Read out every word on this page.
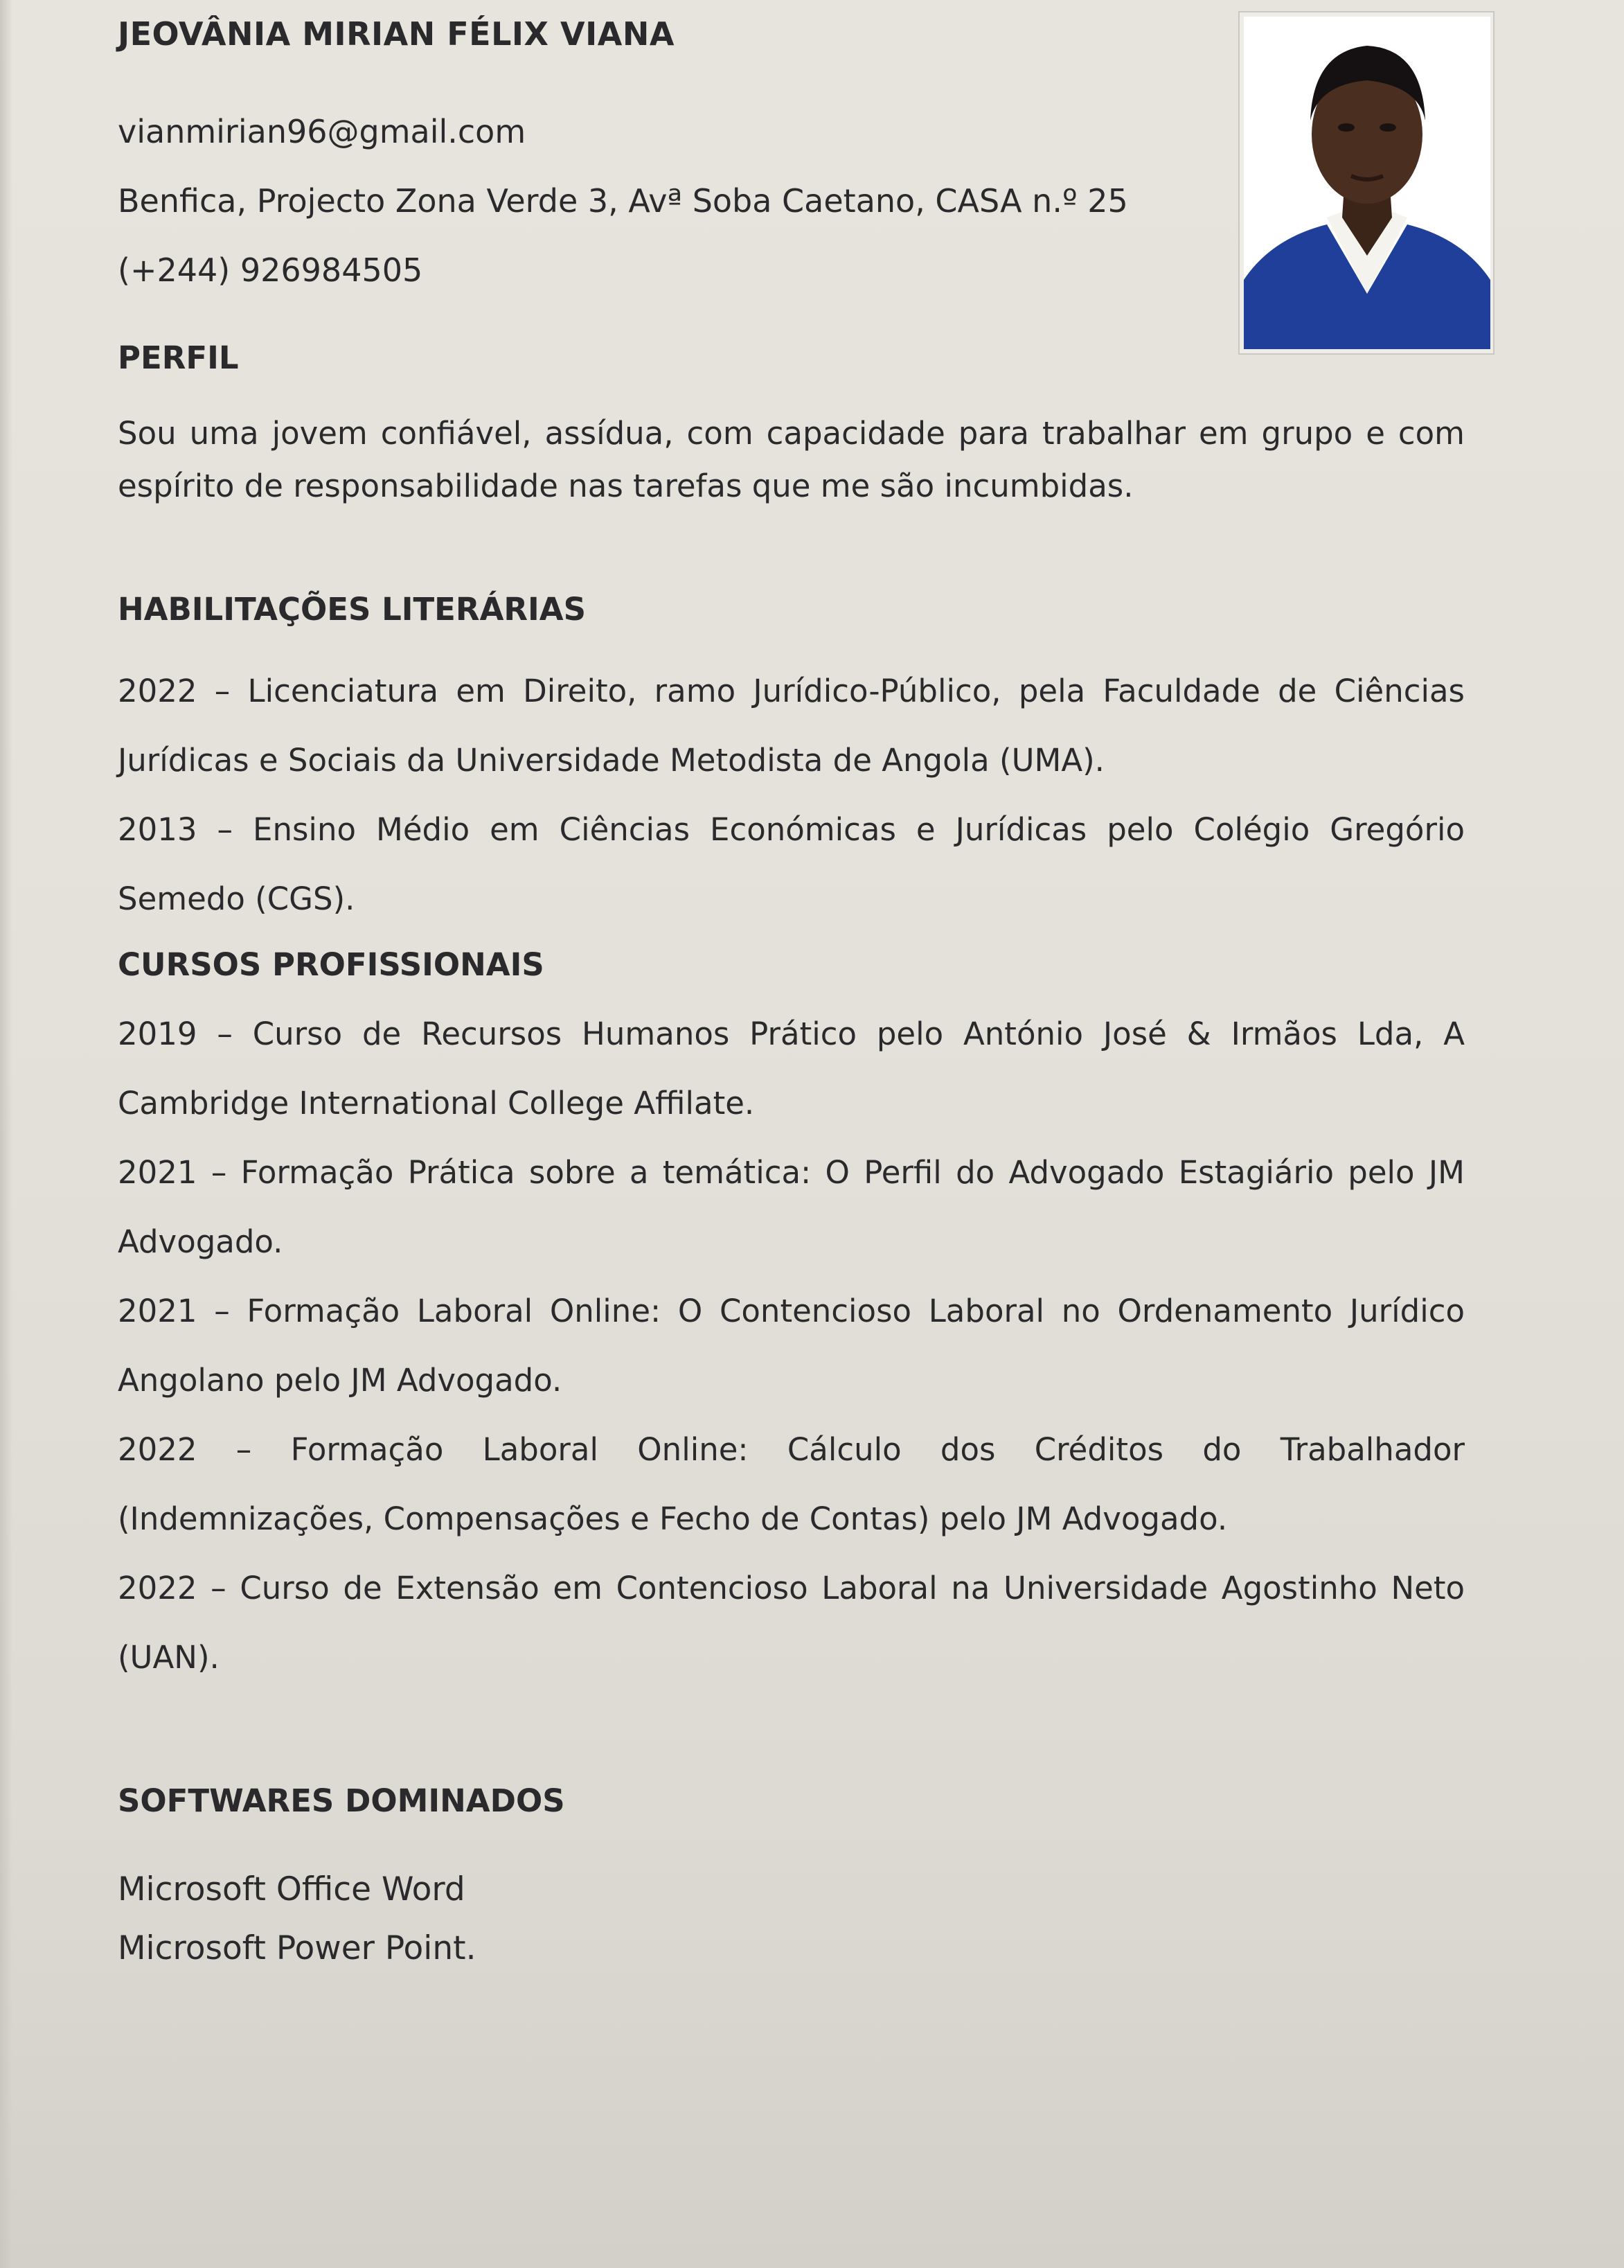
JEOVÂNIA MIRIAN FÉLIX VIANA
vianmirian96@gmail.com
Benfica, Projecto Zona Verde 3, Avª Soba Caetano, CASA n.º 25
(+244) 926984505
PERFIL
Sou uma jovem confiável, assídua, com capacidade para trabalhar em grupo e com espírito de responsabilidade nas tarefas que me são incumbidas.
HABILITAÇÕES LITERÁRIAS
2022 – Licenciatura em Direito, ramo Jurídico-Público, pela Faculdade de Ciências Jurídicas e Sociais da Universidade Metodista de Angola (UMA).
2013 – Ensino Médio em Ciências Económicas e Jurídicas pelo Colégio Gregório Semedo (CGS).
CURSOS PROFISSIONAIS
2019 – Curso de Recursos Humanos Prático pelo António José & Irmãos Lda, A Cambridge International College Affilate.
2021 – Formação Prática sobre a temática: O Perfil do Advogado Estagiário pelo JM Advogado.
2021 – Formação Laboral Online: O Contencioso Laboral no Ordenamento Jurídico Angolano pelo JM Advogado.
2022 – Formação Laboral Online: Cálculo dos Créditos do Trabalhador (Indemnizações, Compensações e Fecho de Contas) pelo JM Advogado.
2022 – Curso de Extensão em Contencioso Laboral na Universidade Agostinho Neto (UAN).
SOFTWARES DOMINADOS
Microsoft Office Word
Microsoft Power Point.
